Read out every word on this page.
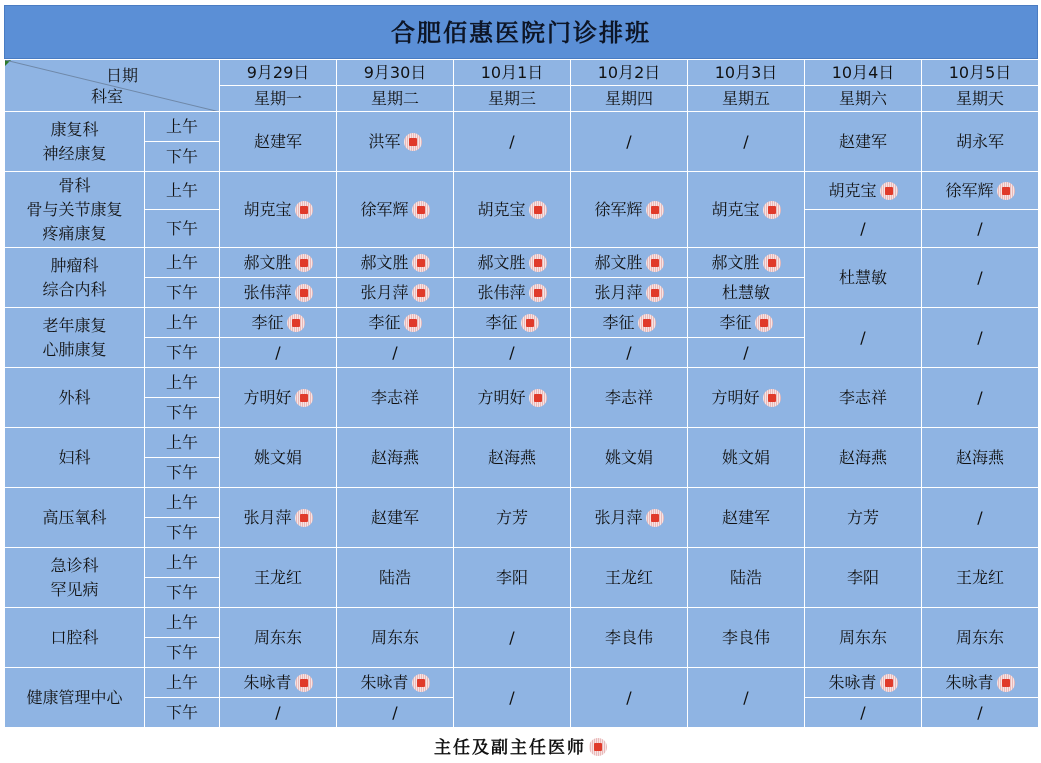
合肥佰惠医院门诊排班
日期
科室		9月29日	9月30日	10月1日	10月2日	10月3日	10月4日	10月5日
		星期一	星期二	星期三	星期四	星期五	星期六	星期天

康复科
神经康复	上午	赵建军	洪军	/	/	/	赵建军	胡永军
	下午							

骨科
骨与关节康复
疼痛康复	上午	胡克宝	徐军辉	胡克宝	徐军辉	胡克宝	胡克宝	徐军辉
	下午						/	/

肿瘤科
综合内科	上午	郝文胜	郝文胜	郝文胜	郝文胜	郝文胜	杜慧敏	/
	下午	张伟萍	张月萍	张伟萍	张月萍	杜慧敏		

老年康复
心肺康复	上午	李征	李征	李征	李征	李征	/	/
	下午	/	/	/	/	/		

外科	上午	方明好	李志祥	方明好	李志祥	方明好	李志祥	/
	下午							

妇科	上午	姚文娟	赵海燕	赵海燕	姚文娟	姚文娟	赵海燕	赵海燕
	下午							

高压氧科	上午	张月萍	赵建军	方芳	张月萍	赵建军	方芳	/
	下午							

急诊科
罕见病	上午	王龙红	陆浩	李阳	王龙红	陆浩	李阳	王龙红
	下午							

口腔科	上午	周东东	周东东	/	李良伟	李良伟	周东东	周东东
	下午							

健康管理中心	上午	朱咏青	朱咏青	/	/	/	朱咏青	朱咏青
	下午	/	/				/	/
主任及副主任医师
